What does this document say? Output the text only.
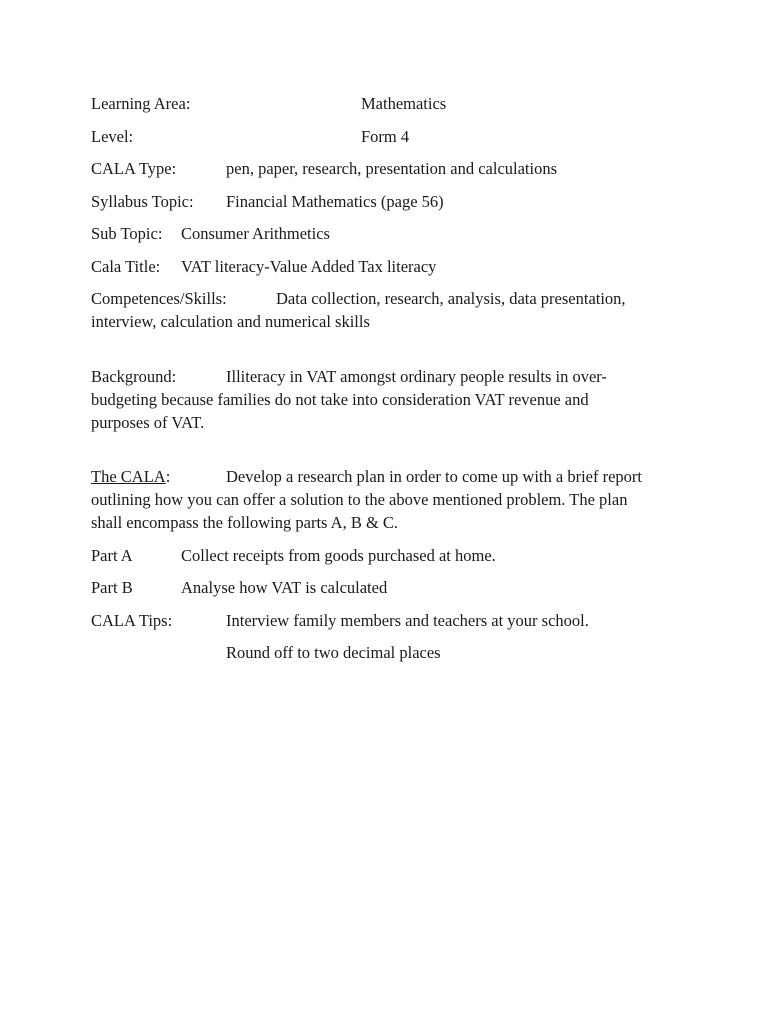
Learning Area:	Mathematics
Level:	Form 4
CALA Type:	pen, paper, research, presentation and calculations
Syllabus Topic: Financial Mathematics (page 56)
Sub Topic: Consumer Arithmetics
Cala Title: VAT literacy-Value Added Tax literacy

Competences/Skills:	Data collection, research, analysis, data presentation,
interview, calculation and numerical skills

Background:	Illiteracy in VAT amongst ordinary people results in over-
budgeting because families do not take into consideration VAT revenue and
purposes of VAT.

The CALA:	Develop a research plan in order to come up with a brief report
outlining how you can offer a solution to the above mentioned problem. The plan
shall encompass the following parts A, B & C.

Part A	Collect receipts from goods purchased at home.
Part B	Analyse how VAT is calculated
CALA Tips:	Interview family members and teachers at your school.
Round off to two decimal places
